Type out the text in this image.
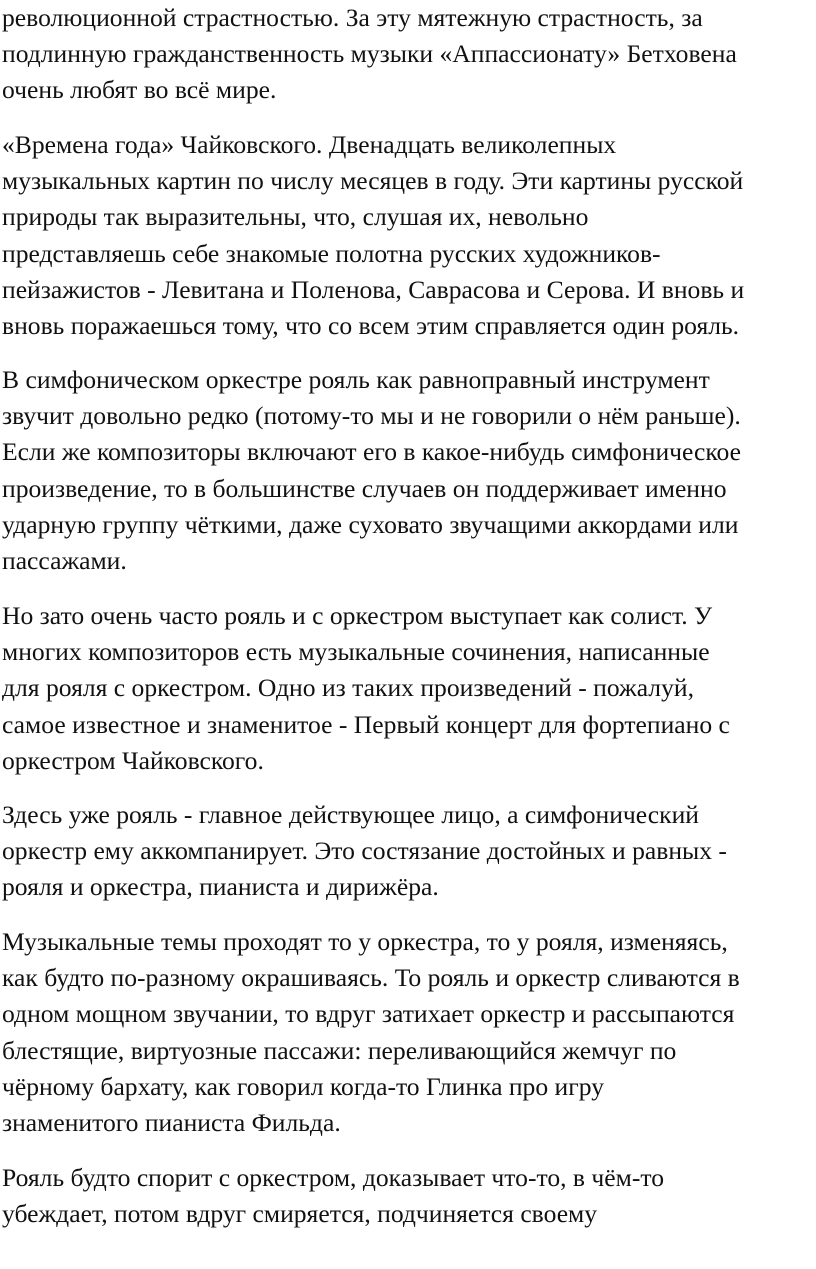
революционной страстностью. За эту мятежную страстность, за
подлинную гражданственность музыки «Аппассионату» Бетховена
очень любят во всё мире.
«Времена года» Чайковского. Двенадцать великолепных
музыкальных картин по числу месяцев в году. Эти картины русской
природы так выразительны, что, слушая их, невольно
представляешь себе знакомые полотна русских художников-
пейзажистов - Левитана и Поленова, Саврасова и Серова. И вновь и
вновь поражаешься тому, что со всем этим справляется один рояль.
В симфоническом оркестре рояль как равноправный инструмент
звучит довольно редко (потому-то мы и не говорили о нём раньше).
Если же композиторы включают его в какое-нибудь симфоническое
произведение, то в большинстве случаев он поддерживает именно
ударную группу чёткими, даже суховато звучащими аккордами или
пассажами.
Но зато очень часто рояль и с оркестром выступает как солист. У
многих композиторов есть музыкальные сочинения, написанные
для рояля с оркестром. Одно из таких произведений - пожалуй,
самое известное и знаменитое - Первый концерт для фортепиано с
оркестром Чайковского.
Здесь уже рояль - главное действующее лицо, а симфонический
оркестр ему аккомпанирует. Это состязание достойных и равных -
рояля и оркестра, пианиста и дирижёра.
Музыкальные темы проходят то у оркестра, то у рояля, изменяясь,
как будто по-разному окрашиваясь. То рояль и оркестр сливаются в
одном мощном звучании, то вдруг затихает оркестр и рассыпаются
блестящие, виртуозные пассажи: переливающийся жемчуг по
чёрному бархату, как говорил когда-то Глинка про игру
знаменитого пианиста Фильда.
Рояль будто спорит с оркестром, доказывает что-то, в чём-то
убеждает, потом вдруг смиряется, подчиняется своему
